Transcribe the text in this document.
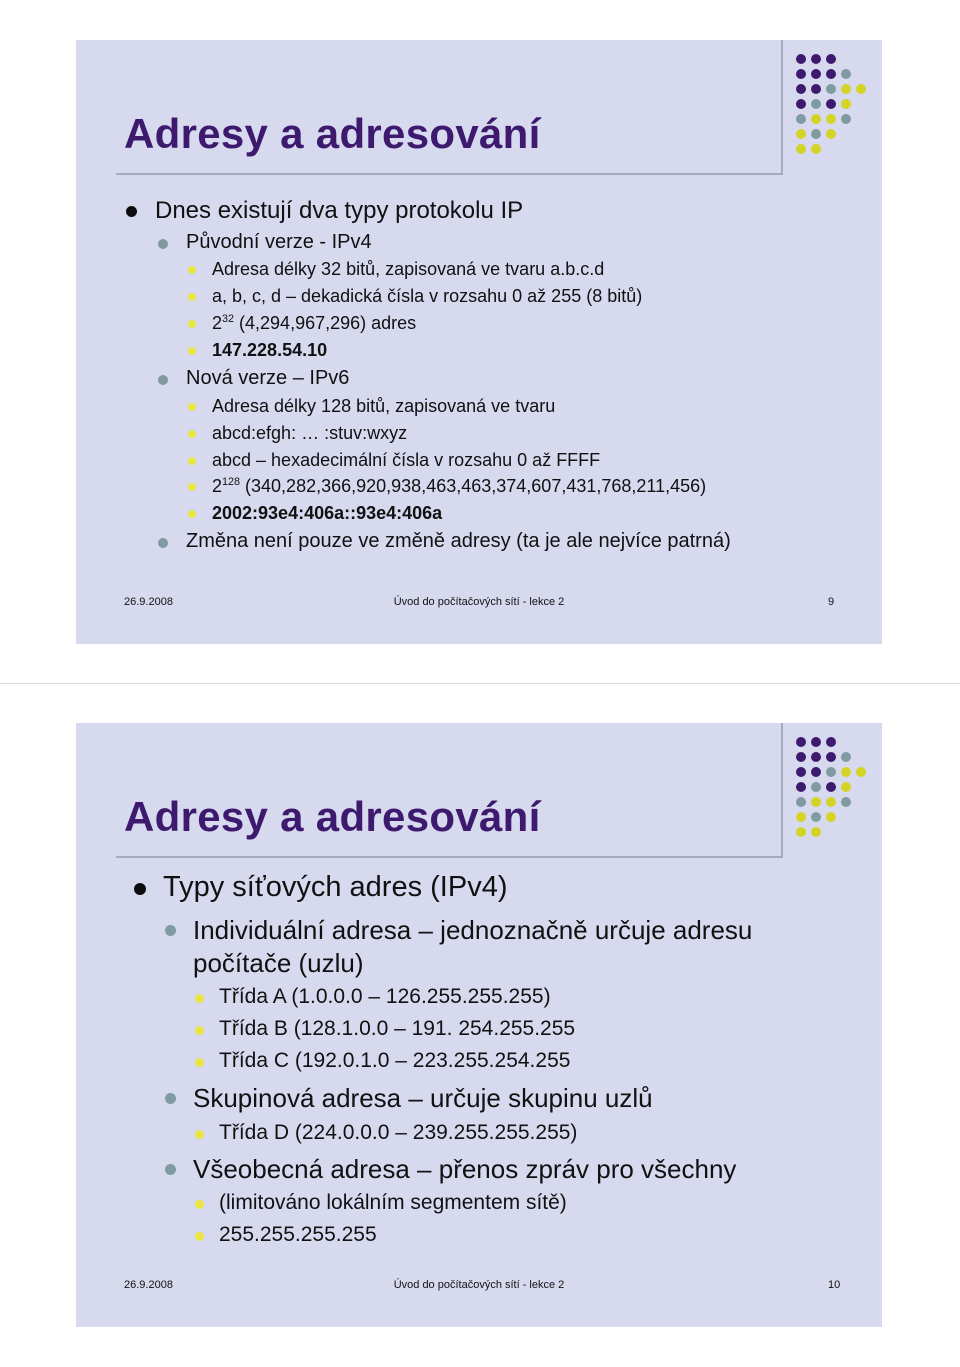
Adresy a adresování
Dnes existují dva typy protokolu IP
Původní verze - IPv4
Adresa délky 32 bitů, zapisovaná ve tvaru a.b.c.d
a, b, c, d – dekadická čísla v rozsahu 0 až 255 (8 bitů)
$2^{32}$ (4,294,967,296) adres
147.228.54.10
Nová verze – IPv6
Adresa délky 128 bitů, zapisovaná ve tvaru
abcd:efgh: … :stuv:wxyz
abcd – hexadecimální čísla v rozsahu 0 až FFFF
$2^{128}$ (340,282,366,920,938,463,463,374,607,431,768,211,456)
2002:93e4:406a::93e4:406a
Změna není pouze ve změně adresy (ta je ale nejvíce patrná)
26.9.2008	Úvod do počítačových sítí - lekce 2	9
Adresy a adresování
Typy síťových adres (IPv4)
Individuální adresa – jednoznačně určuje adresu
počítače (uzlu)
Třída A (1.0.0.0 – 126.255.255.255)
Třída B (128.1.0.0 – 191. 254.255.255
Třída C (192.0.1.0 – 223.255.254.255
Skupinová adresa – určuje skupinu uzlů
Třída D (224.0.0.0 – 239.255.255.255)
Všeobecná adresa – přenos zpráv pro všechny
(limitováno lokálním segmentem sítě)
255.255.255.255
26.9.2008	Úvod do počítačových sítí - lekce 2	10
